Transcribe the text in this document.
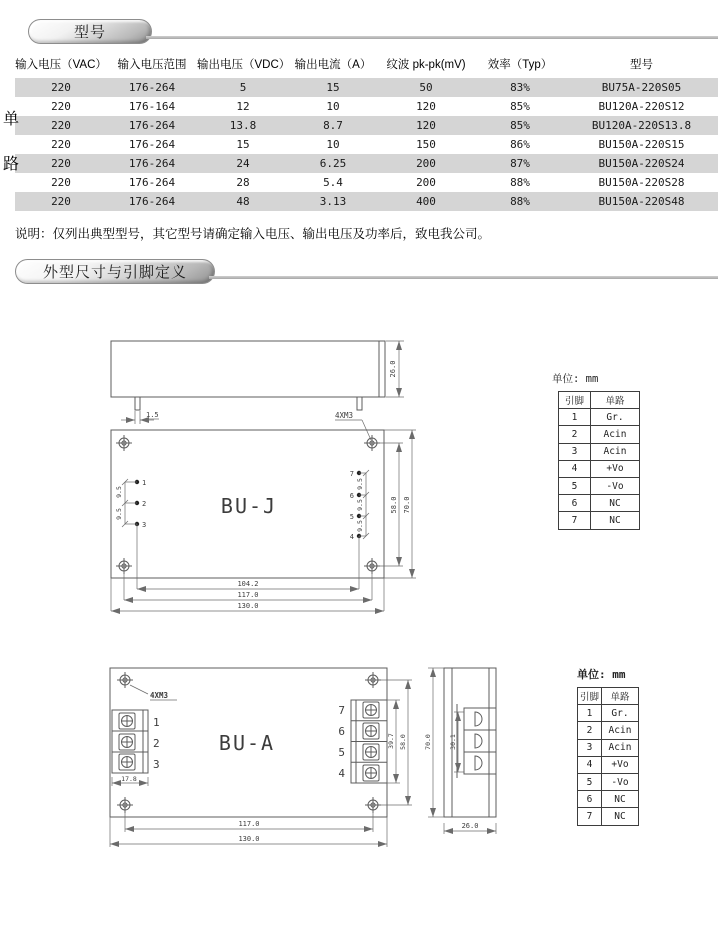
型号
输入电压（VAC）	输入电压范围	输出电压（VDC）	输出电流（A）	纹波 pk-pk(mV)	效率（Typ）	型号
220	176-264	5	15	50	83%	BU75A-220S05
220	176-164	12	10	120	85%	BU120A-220S12
220	176-264	13.8	8.7	120	85%	BU120A-220S13.8
220	176-264	15	10	150	86%	BU150A-220S15
220	176-264	24	6.25	200	87%	BU150A-220S24
220	176-264	28	5.4	200	88%	BU150A-220S28
220	176-264	48	3.13	400	88%	BU150A-220S48
单
路
说明：仅列出典型型号，其它型号请确定输入电压、输出电压及功率后，致电我公司。
外型尺寸与引脚定义
26.0
1.5	4XM3
1
2
3
7
6
5
4
BU-J
9.5
9.5
9.5
9.5
9.5
58.0 70.0
104.2
117.0
130.0
4XM3
1
2
3
7
6
5
4
BU-A
17.8
39.7 58.0
117.0
130.0
30.1
70.0
26.0
单位: mm
引脚	单路
1	Gr.
2	Acin
3	Acin
4	+Vo
5	-Vo
6	NC
7	NC
单位: mm
引脚	单路
1	Gr.
2	Acin
3	Acin
4	+Vo
5	-Vo
6	NC
7	NC
